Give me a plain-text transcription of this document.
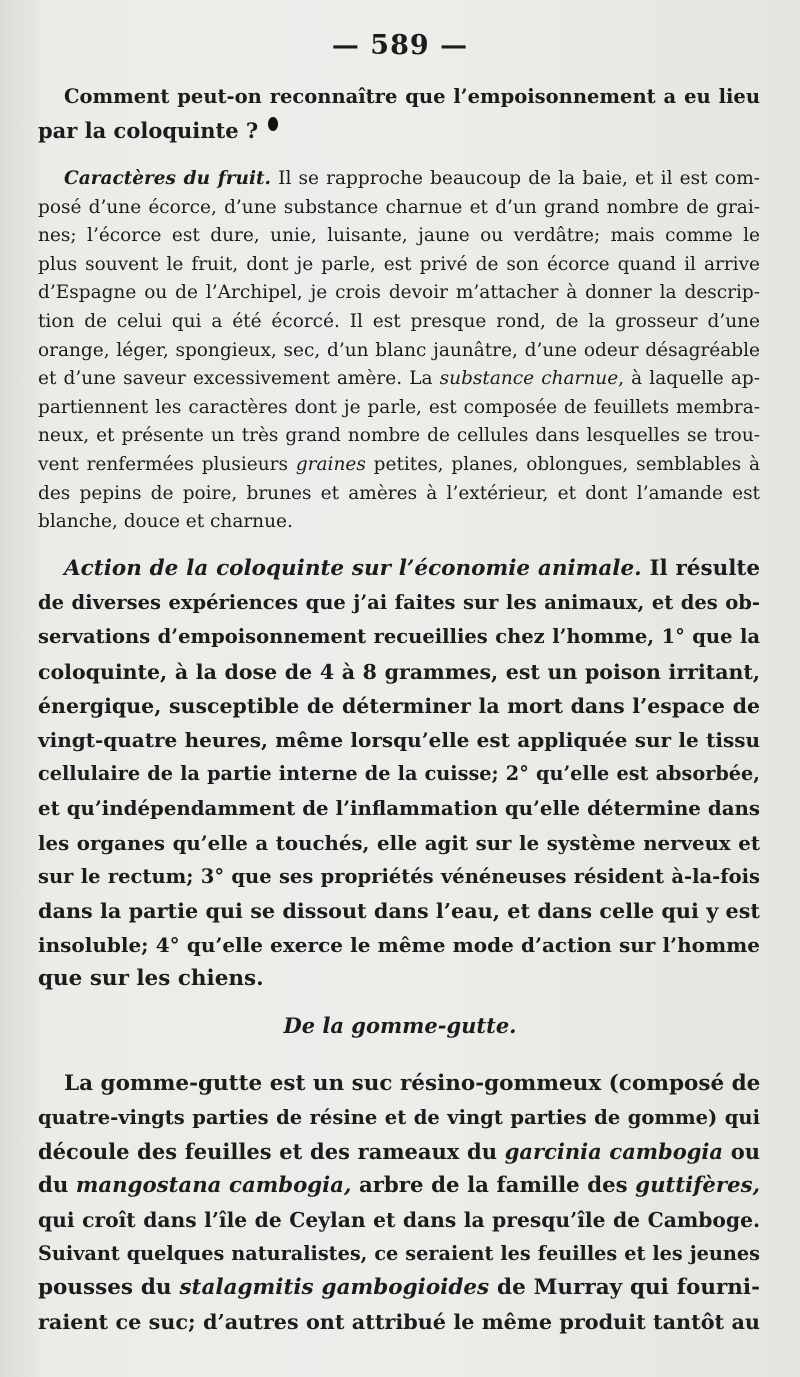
— 589 —

Comment peut-on reconnaître que l’empoisonnement a eu lieu
par la coloquinte ?

Caractères du fruit. Il se rapproche beaucoup de la baie, et il est com-
posé d’une écorce, d’une substance charnue et d’un grand nombre de grai-
nes; l’écorce est dure, unie, luisante, jaune ou verdâtre; mais comme le
plus souvent le fruit, dont je parle, est privé de son écorce quand il arrive
d’Espagne ou de l’Archipel, je crois devoir m’attacher à donner la descrip-
tion de celui qui a été écorcé. Il est presque rond, de la grosseur d’une
orange, léger, spongieux, sec, d’un blanc jaunâtre, d’une odeur désagréable
et d’une saveur excessivement amère. La substance charnue, à laquelle ap-
partiennent les caractères dont je parle, est composée de feuillets membra-
neux, et présente un très grand nombre de cellules dans lesquelles se trou-
vent renfermées plusieurs graines petites, planes, oblongues, semblables à
des pepins de poire, brunes et amères à l’extérieur, et dont l’amande est
blanche, douce et charnue.

Action de la coloquinte sur l’économie animale. Il résulte
de diverses expériences que j’ai faites sur les animaux, et des ob-
servations d’empoisonnement recueillies chez l’homme, 1° que la
coloquinte, à la dose de 4 à 8 grammes, est un poison irritant,
énergique, susceptible de déterminer la mort dans l’espace de
vingt-quatre heures, même lorsqu’elle est appliquée sur le tissu
cellulaire de la partie interne de la cuisse; 2° qu’elle est absorbée,
et qu’indépendamment de l’inflammation qu’elle détermine dans
les organes qu’elle a touchés, elle agit sur le système nerveux et
sur le rectum; 3° que ses propriétés vénéneuses résident à-la-fois
dans la partie qui se dissout dans l’eau, et dans celle qui y est
insoluble; 4° qu’elle exerce le même mode d’action sur l’homme
que sur les chiens.

De la gomme-gutte.

La gomme-gutte est un suc résino-gommeux (composé de
quatre-vingts parties de résine et de vingt parties de gomme) qui
découle des feuilles et des rameaux du garcinia cambogia ou
du mangostana cambogia, arbre de la famille des guttifères,
qui croît dans l’île de Ceylan et dans la presqu’île de Camboge.
Suivant quelques naturalistes, ce seraient les feuilles et les jeunes
pousses du stalagmitis gambogioides de Murray qui fourni-
raient ce suc; d’autres ont attribué le même produit tantôt au
